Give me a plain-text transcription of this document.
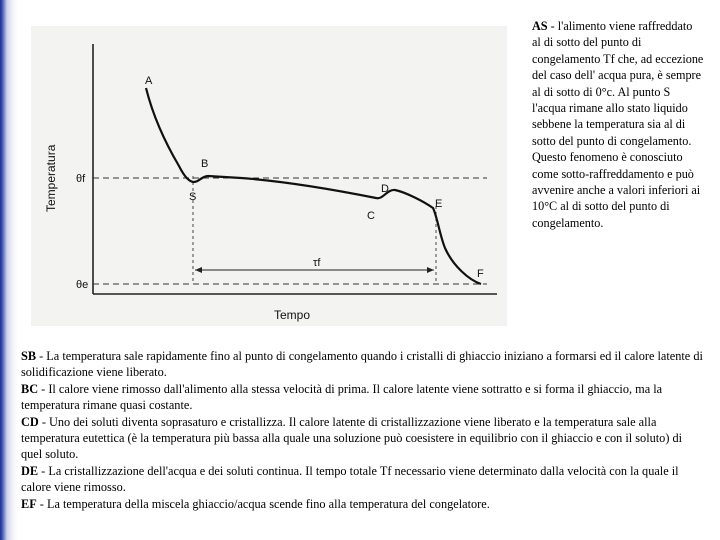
θf
θe
Temperatura
Tempo
A
B
S
C
D
E
F
τf

AS - l'alimento viene raffreddato al di sotto del punto di congelamento Tf che, ad eccezione del caso dell' acqua pura, è sempre al di sotto di 0°c. Al punto S l'acqua rimane allo stato liquido sebbene la temperatura sia al di sotto del punto di congelamento. Questo fenomeno è conosciuto come sotto-raffreddamento e può avvenire anche a valori inferiori ai 10°C al di sotto del punto di congelamento.

SB - La temperatura sale rapidamente fino al punto di congelamento quando i cristalli di ghiaccio iniziano a formarsi ed il calore latente di solidificazione viene liberato.

BC - Il calore viene rimosso dall'alimento alla stessa velocità di prima. Il calore latente viene sottratto e si forma il ghiaccio, ma la temperatura rimane quasi costante.

CD - Uno dei soluti diventa soprasaturo e cristallizza. Il calore latente di cristallizzazione viene liberato e la temperatura sale alla temperatura eutettica (è la temperatura più bassa alla quale una soluzione può coesistere in equilibrio con il ghiaccio e con il soluto) di quel soluto.

DE - La cristallizzazione dell'acqua e dei soluti continua. Il tempo totale Tf necessario viene determinato dalla velocità con la quale il calore viene rimosso.

EF - La temperatura della miscela ghiaccio/acqua scende fino alla temperatura del congelatore.
